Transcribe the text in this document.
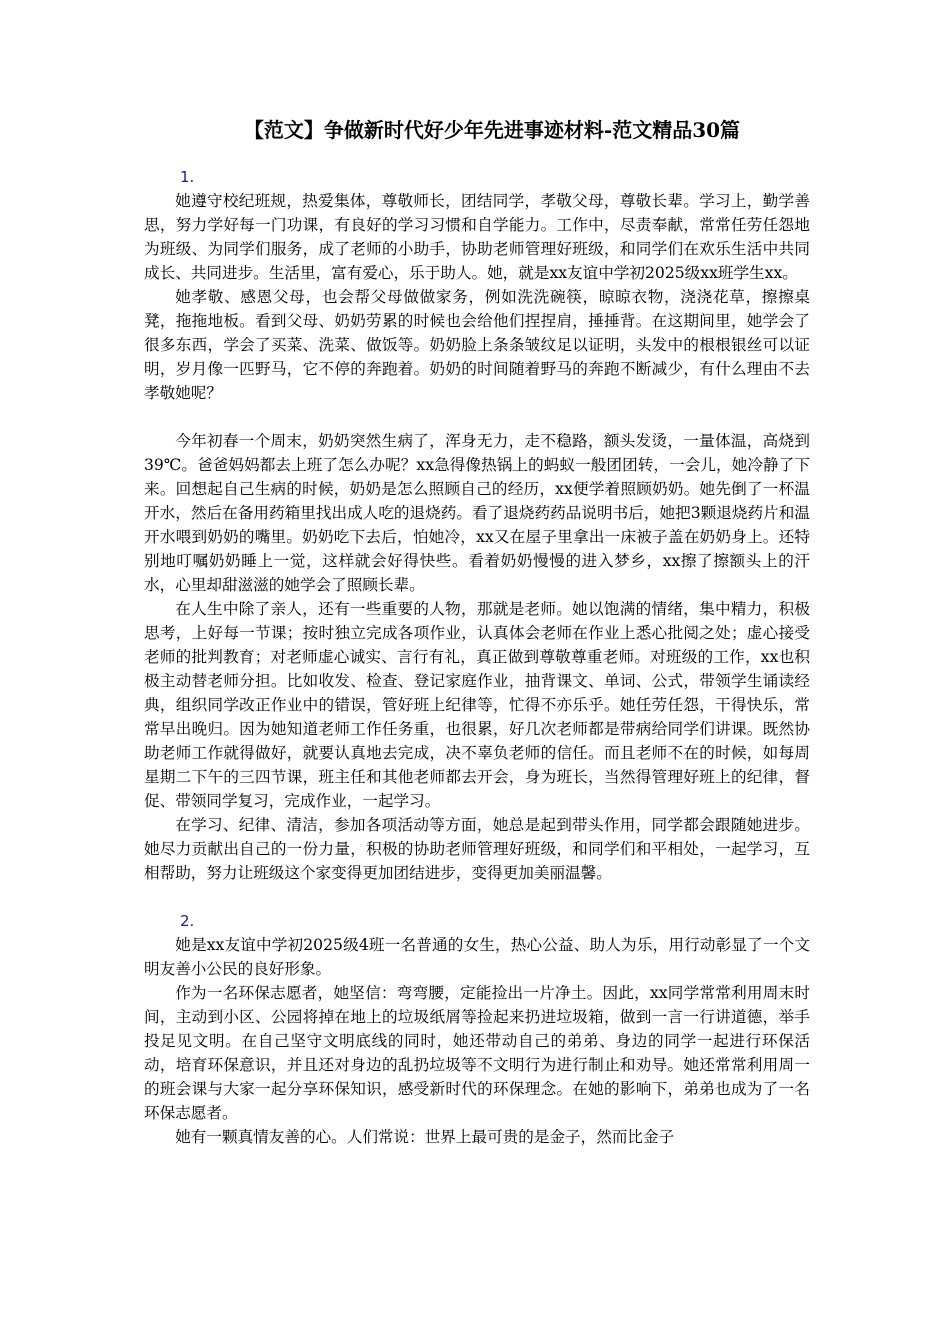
【范文】争做新时代好少年先进事迹材料-范文精品30篇

1.

她遵守校纪班规，热爱集体，尊敬师长，团结同学，孝敬父母，尊敬长辈。学习上，勤学善思，努力学好每一门功课，有良好的学习习惯和自学能力。工作中，尽责奉献，常常任劳任怨地为班级、为同学们服务，成了老师的小助手，协助老师管理好班级，和同学们在欢乐生活中共同成长、共同进步。生活里，富有爱心，乐于助人。她，就是xx友谊中学初2025级xx班学生xx。

她孝敬、感恩父母，也会帮父母做做家务，例如洗洗碗筷，晾晾衣物，浇浇花草，擦擦桌凳，拖拖地板。看到父母、奶奶劳累的时候也会给他们捏捏肩，捶捶背。在这期间里，她学会了很多东西，学会了买菜、洗菜、做饭等。奶奶脸上条条皱纹足以证明，头发中的根根银丝可以证明，岁月像一匹野马，它不停的奔跑着。奶奶的时间随着野马的奔跑不断减少，有什么理由不去孝敬她呢？

今年初春一个周末，奶奶突然生病了，浑身无力，走不稳路，额头发烫，一量体温，高烧到39℃。爸爸妈妈都去上班了怎么办呢？xx急得像热锅上的蚂蚁一般团团转，一会儿，她冷静了下来。回想起自己生病的时候，奶奶是怎么照顾自己的经历，xx便学着照顾奶奶。她先倒了一杯温开水，然后在备用药箱里找出成人吃的退烧药。看了退烧药药品说明书后，她把3颗退烧药片和温开水喂到奶奶的嘴里。奶奶吃下去后，怕她冷，xx又在屋子里拿出一床被子盖在奶奶身上。还特别地叮嘱奶奶睡上一觉，这样就会好得快些。看着奶奶慢慢的进入梦乡，xx擦了擦额头上的汗水，心里却甜滋滋的她学会了照顾长辈。

在人生中除了亲人，还有一些重要的人物，那就是老师。她以饱满的情绪，集中精力，积极思考，上好每一节课；按时独立完成各项作业，认真体会老师在作业上悉心批阅之处；虚心接受老师的批判教育；对老师虚心诚实、言行有礼，真正做到尊敬尊重老师。对班级的工作，xx也积极主动替老师分担。比如收发、检查、登记家庭作业，抽背课文、单词、公式，带领学生诵读经典，组织同学改正作业中的错误，管好班上纪律等，忙得不亦乐乎。她任劳任怨，干得快乐，常常早出晚归。因为她知道老师工作任务重，也很累，好几次老师都是带病给同学们讲课。既然协助老师工作就得做好，就要认真地去完成，决不辜负老师的信任。而且老师不在的时候，如每周星期二下午的三四节课，班主任和其他老师都去开会，身为班长，当然得管理好班上的纪律，督促、带领同学复习，完成作业，一起学习。

在学习、纪律、清洁，参加各项活动等方面，她总是起到带头作用，同学都会跟随她进步。她尽力贡献出自己的一份力量，积极的协助老师管理好班级，和同学们和平相处，一起学习，互相帮助，努力让班级这个家变得更加团结进步，变得更加美丽温馨。

2.

她是xx友谊中学初2025级4班一名普通的女生，热心公益、助人为乐，用行动彰显了一个文明友善小公民的良好形象。

作为一名环保志愿者，她坚信：弯弯腰，定能捡出一片净土。因此，xx同学常常利用周末时间，主动到小区、公园将掉在地上的垃圾纸屑等捡起来扔进垃圾箱，做到一言一行讲道德，举手投足见文明。在自己坚守文明底线的同时，她还带动自己的弟弟、身边的同学一起进行环保活动，培育环保意识，并且还对身边的乱扔垃圾等不文明行为进行制止和劝导。她还常常利用周一的班会课与大家一起分享环保知识，感受新时代的环保理念。在她的影响下，弟弟也成为了一名环保志愿者。

她有一颗真情友善的心。人们常说：世界上最可贵的是金子，然而比金子
